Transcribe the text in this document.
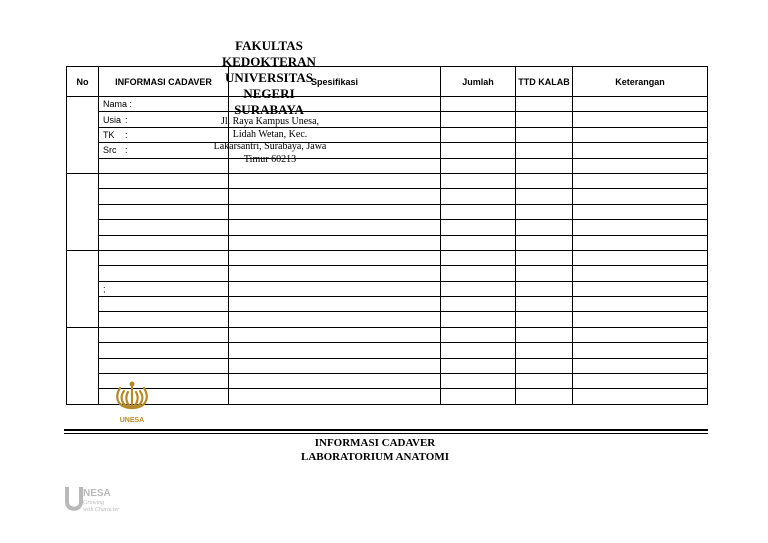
No	INFORMASI CADAVER	Spesifikasi	Jumlah	TTD KALAB	Keterangan
	Nama :				
	Usia :				
	TK :				
	Src :				

	;				

FAKULTAS
KEDOKTERAN
UNIVERSITAS
NEGERI
SURABAYA
Jl. Raya Kampus Unesa,
Lidah Wetan, Kec.
Lakarsantri, Surabaya, Jawa
Timur 60213
UNESA
INFORMASI CADAVER
LABORATORIUM ANATOMI
NESA
Growing
with Character
